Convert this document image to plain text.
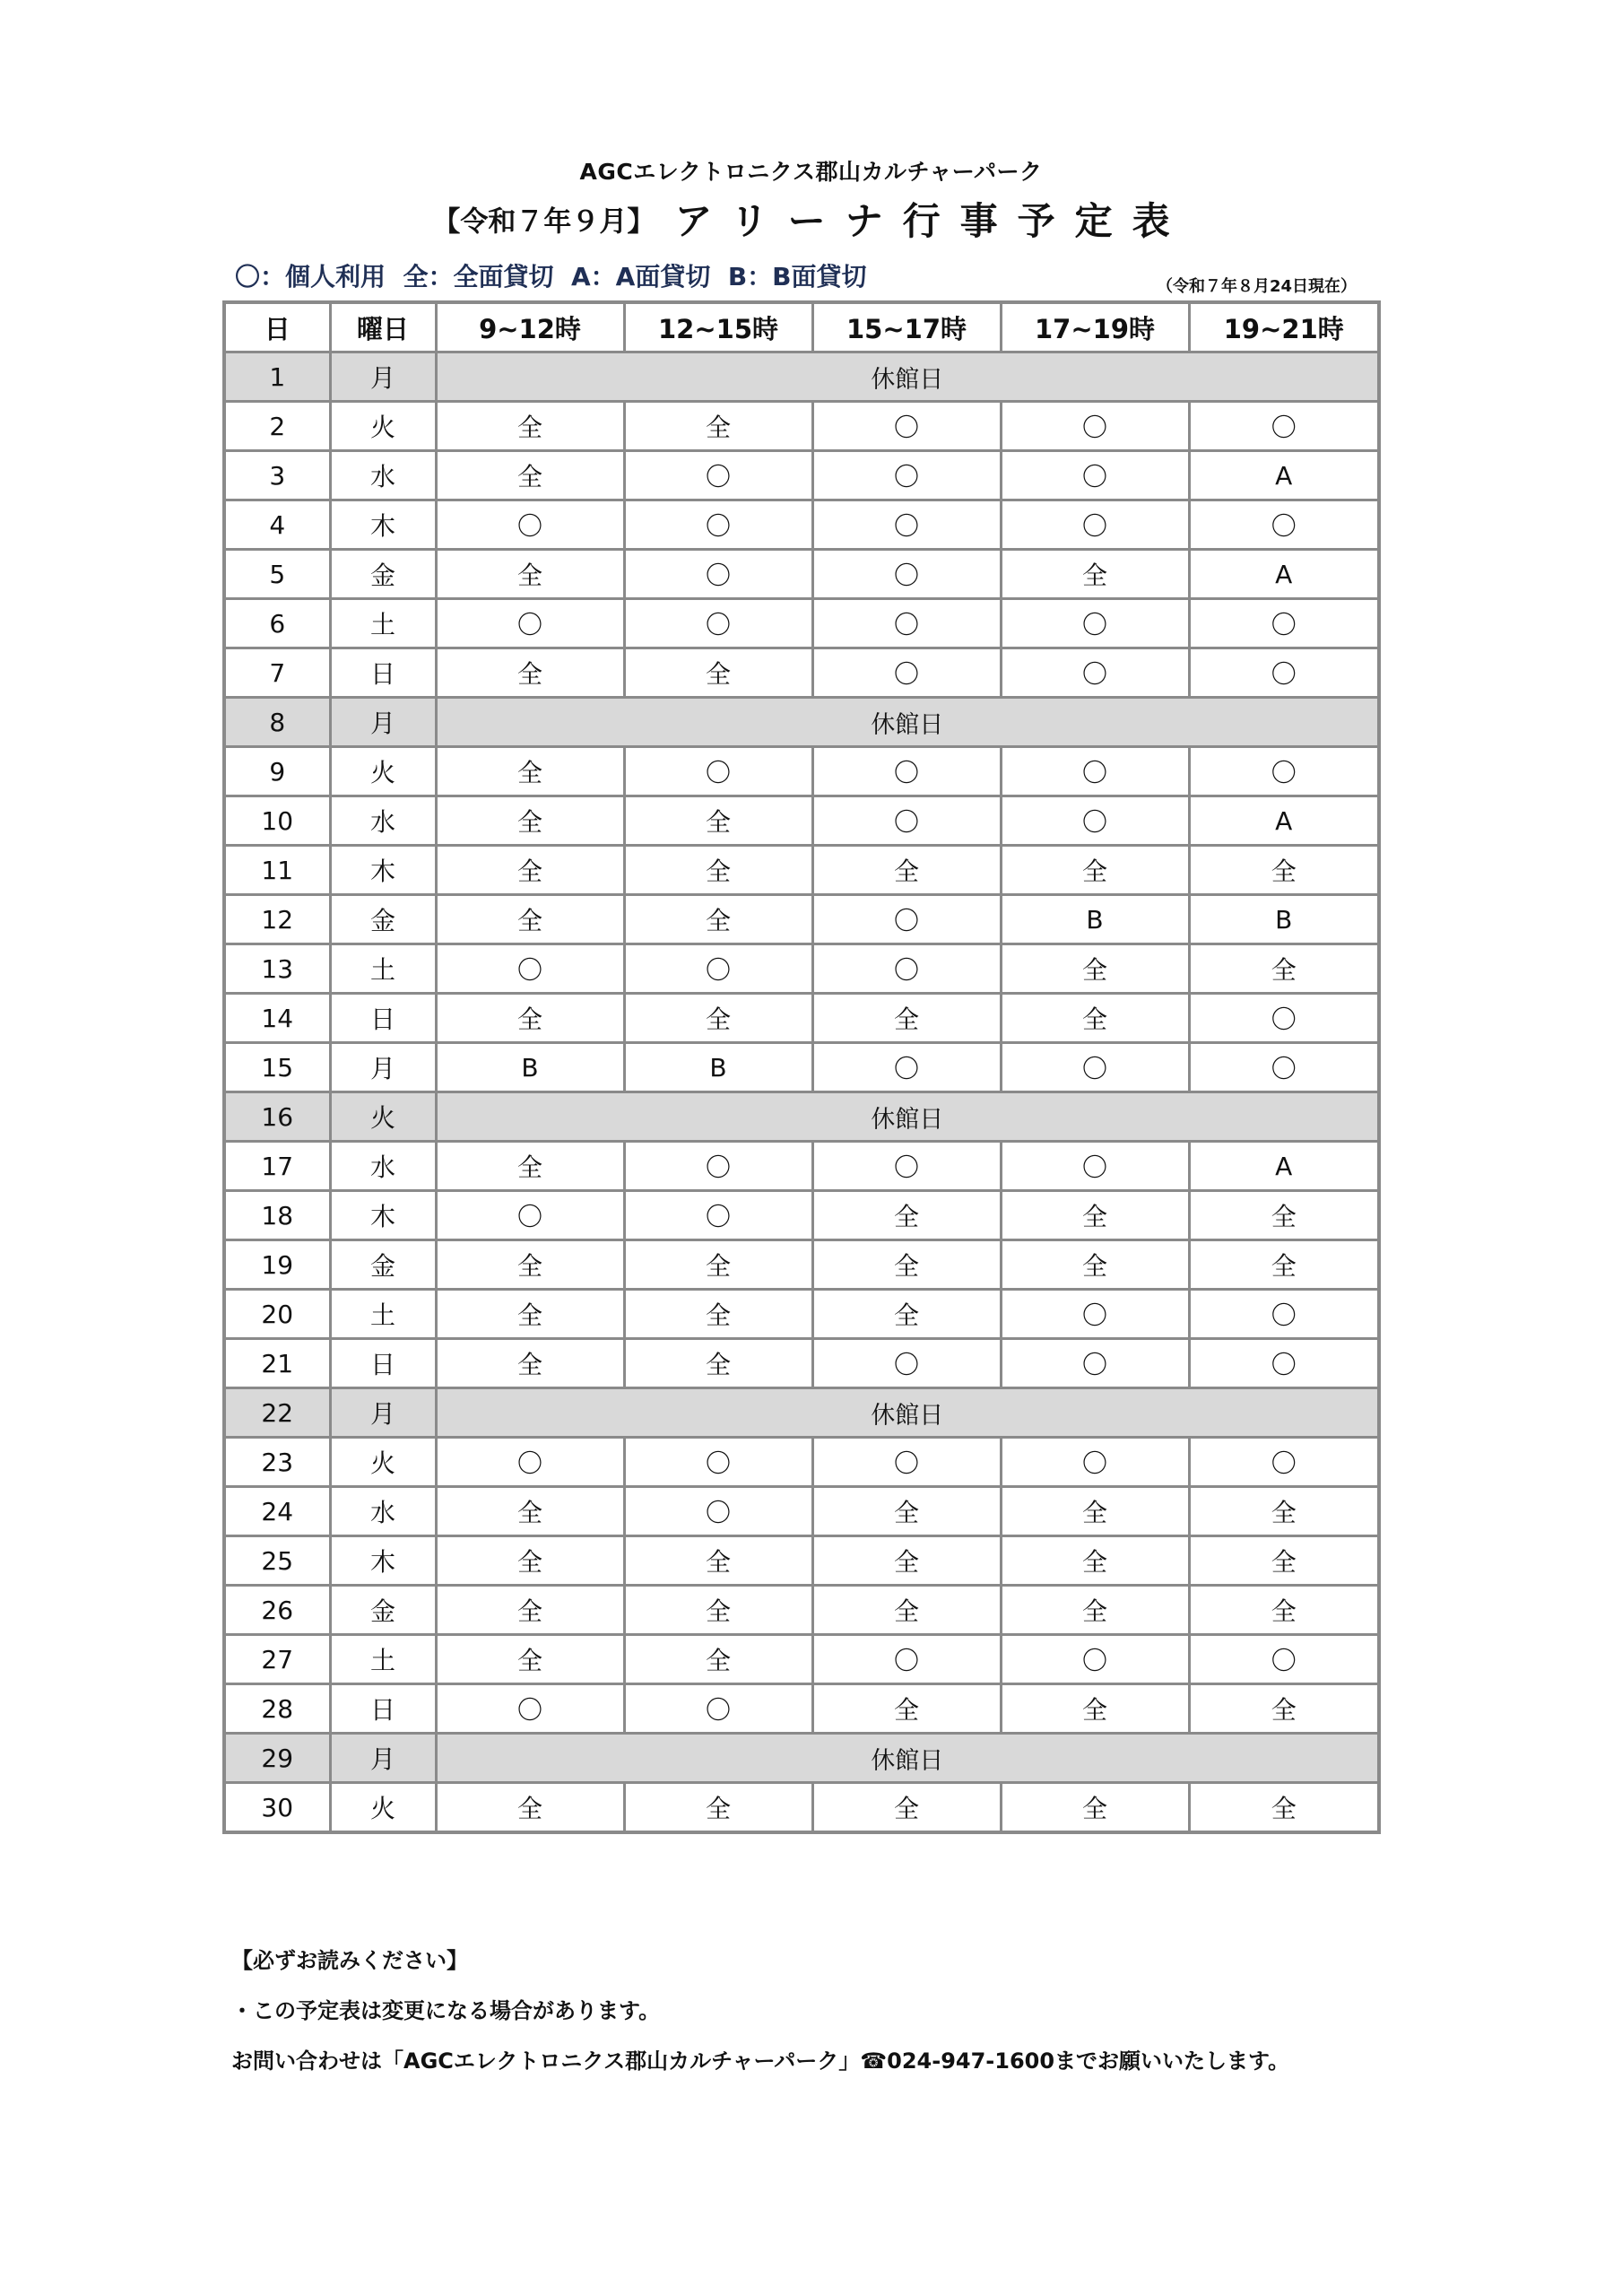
AGCエレクトロニクス郡山カルチャーパーク
【令和７年９月】 アリーナ行事予定表
〇：個人利用  全：全面貸切  A：A面貸切  B：B面貸切	（令和７年８月24日現在）
日	曜日	9~12時	12~15時	15~17時	17~19時	19~21時
1	月	休館日				
2	火	全	全	〇	〇	〇
3	水	全	〇	〇	〇	A
4	木	〇	〇	〇	〇	〇
5	金	全	〇	〇	全	A
6	土	〇	〇	〇	〇	〇
7	日	全	全	〇	〇	〇
8	月	休館日				
9	火	全	〇	〇	〇	〇
10	水	全	全	〇	〇	A
11	木	全	全	全	全	全
12	金	全	全	〇	B	B
13	土	〇	〇	〇	全	全
14	日	全	全	全	全	〇
15	月	B	B	〇	〇	〇
16	火	休館日				
17	水	全	〇	〇	〇	A
18	木	〇	〇	全	全	全
19	金	全	全	全	全	全
20	土	全	全	全	〇	〇
21	日	全	全	〇	〇	〇
22	月	休館日				
23	火	〇	〇	〇	〇	〇
24	水	全	〇	全	全	全
25	木	全	全	全	全	全
26	金	全	全	全	全	全
27	土	全	全	〇	〇	〇
28	日	〇	〇	全	全	全
29	月	休館日				
30	火	全	全	全	全	全
【必ずお読みください】
・この予定表は変更になる場合があります。
お問い合わせは「AGCエレクトロニクス郡山カルチャーパーク」☎024-947-1600までお願いいたします。
